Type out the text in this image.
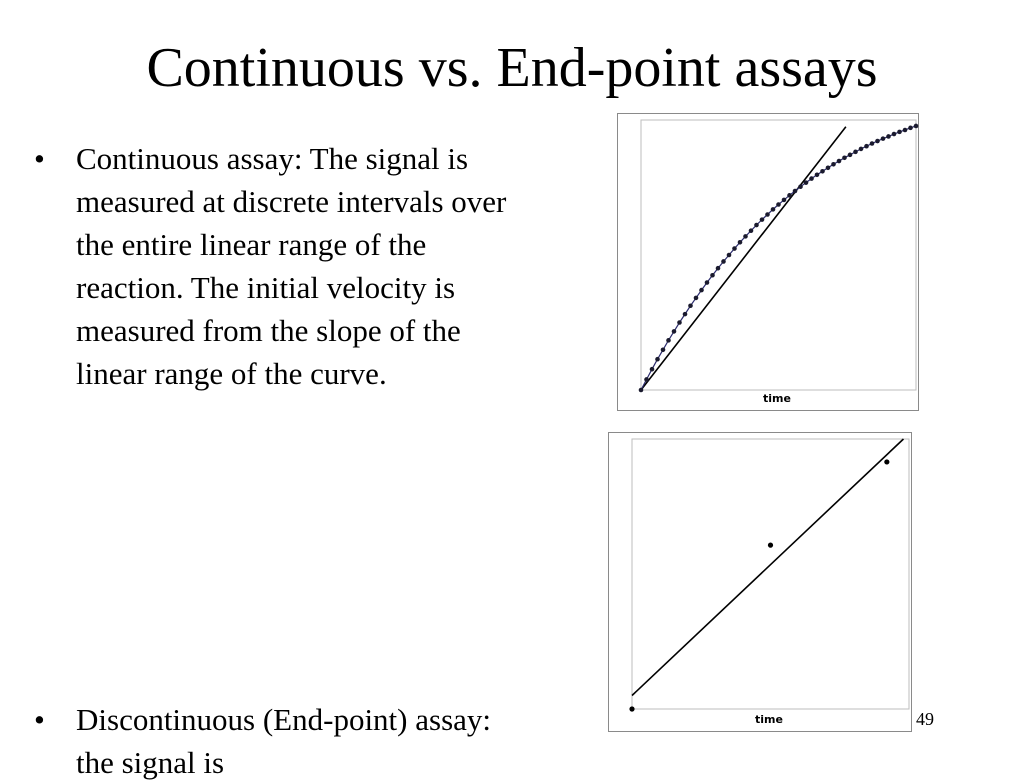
Continuous vs. End-point assays
•	Continuous assay: The signal is measured at discrete intervals over the entire linear range of the reaction. The initial velocity is measured from the slope of the linear range of the curve.
•	Discontinuous (End-point) assay: the signal is
time
time	49
